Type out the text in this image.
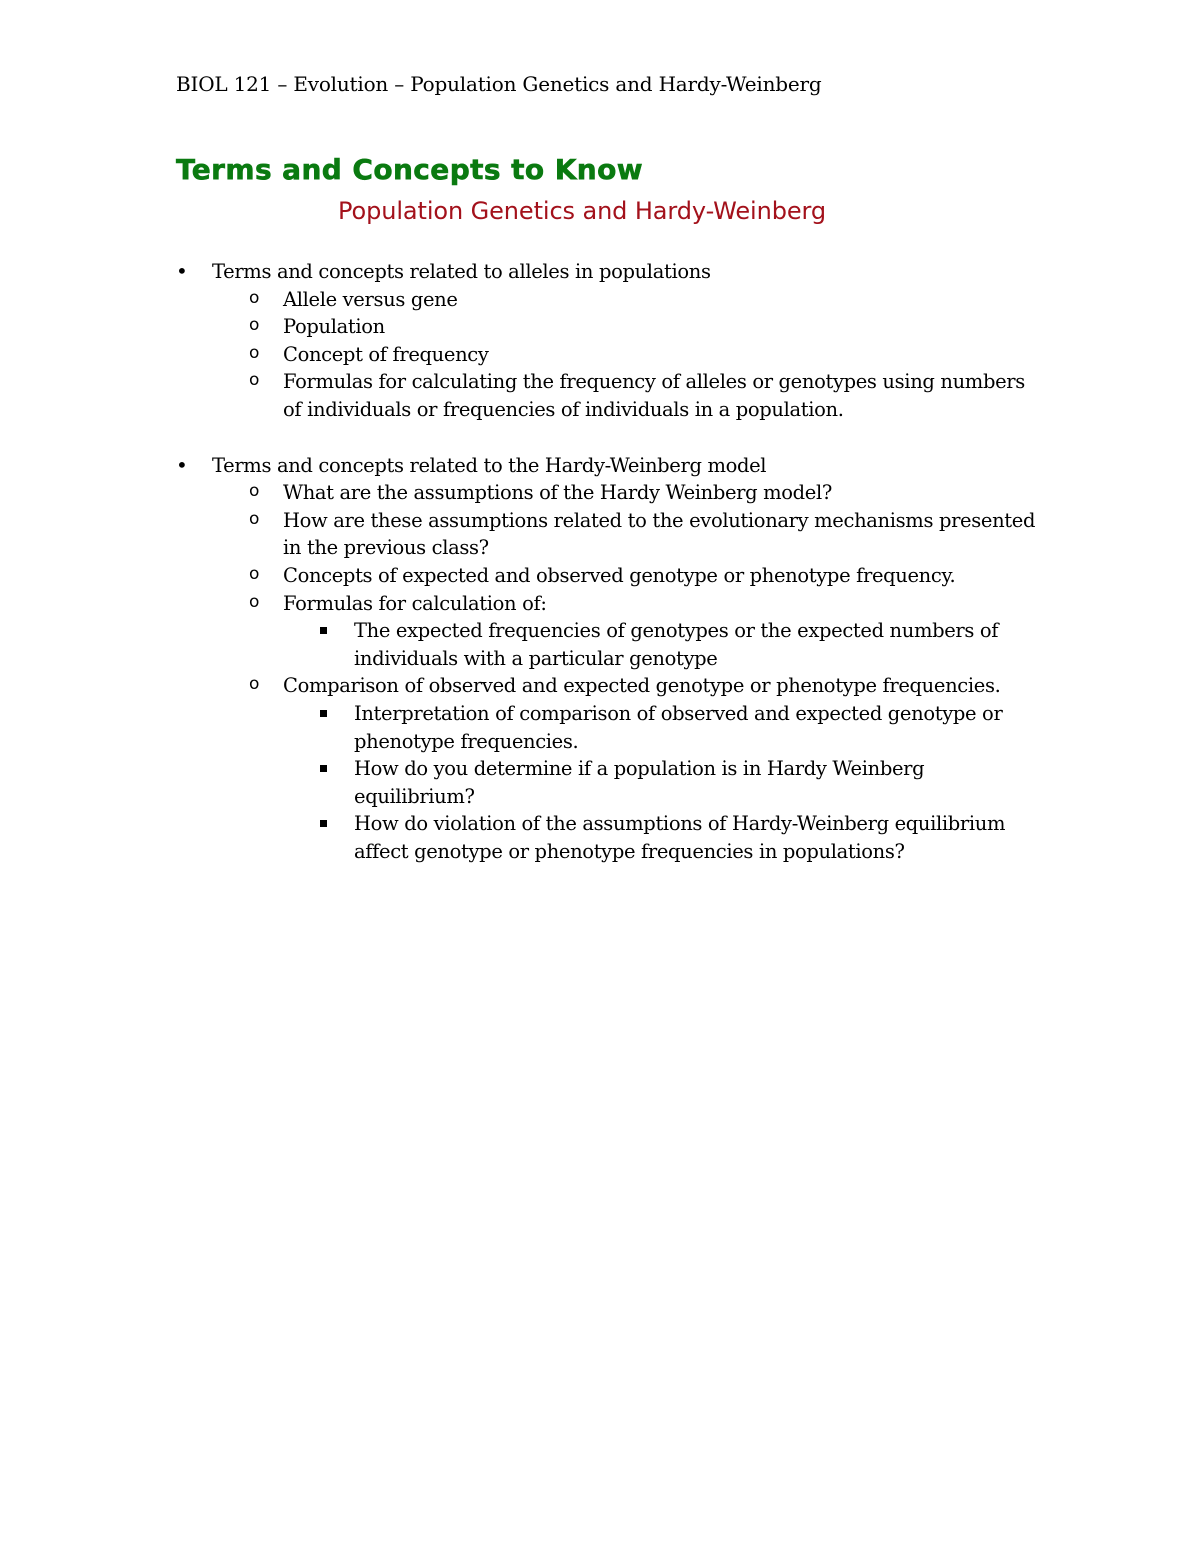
BIOL 121 – Evolution – Population Genetics and Hardy-Weinberg
Terms and Concepts to Know
Population Genetics and Hardy-Weinberg
• Terms and concepts related to alleles in populations
o Allele versus gene
o Population
o Concept of frequency
o Formulas for calculating the frequency of alleles or genotypes using numbers of individuals or frequencies of individuals in a population.
• Terms and concepts related to the Hardy-Weinberg model
o What are the assumptions of the Hardy Weinberg model?
o How are these assumptions related to the evolutionary mechanisms presented in the previous class?
o Concepts of expected and observed genotype or phenotype frequency.
o Formulas for calculation of:
The expected frequencies of genotypes or the expected numbers of individuals with a particular genotype
o Comparison of observed and expected genotype or phenotype frequencies.
Interpretation of comparison of observed and expected genotype or phenotype frequencies.
How do you determine if a population is in Hardy Weinberg equilibrium?
How do violation of the assumptions of Hardy-Weinberg equilibrium affect genotype or phenotype frequencies in populations?
